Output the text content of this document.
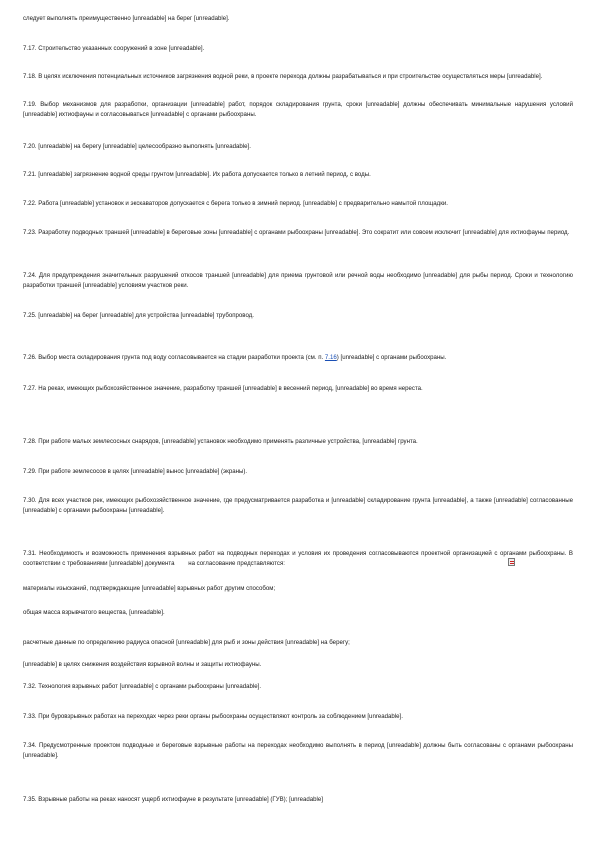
следует выполнять преимущественно [unreadable] на берег [unreadable].

7.17. Строительство указанных сооружений в зоне [unreadable].

7.18. В целях исключения потенциальных источников загрязнения водной реки, в проекте перехода должны разрабатываться и при строительстве осуществляться меры [unreadable].

7.19. Выбор механизмов для разработки, организации [unreadable] работ, порядок складирования грунта, сроки [unreadable] должны обеспечивать минимальные нарушения условий [unreadable] ихтиофауны и согласовываться [unreadable] с органами рыбоохраны.

7.20. [unreadable] на берегу [unreadable] целесообразно выполнять [unreadable].

7.21. [unreadable] загрязнение водной среды грунтом [unreadable]. Их работа допускается только в летний период, с воды.

7.22. Работа [unreadable] установок и экскаваторов допускается с берега только в зимний период. [unreadable] с предварительно намытой площадки.

7.23. Разработку подводных траншей [unreadable] в береговые зоны [unreadable] с органами рыбоохраны [unreadable]. Это сократит или совсем исключит [unreadable] для ихтиофауны период.

7.24. Для предупреждения значительных разрушений откосов траншей [unreadable] для приема грунтовой или речной воды необходимо [unreadable] для рыбы период. Сроки и технологию разработки траншей [unreadable] условиям участков реки.

7.25. [unreadable] на берег [unreadable] для устройства [unreadable] трубопровод.

7.26. Выбор места складирования грунта под воду согласовывается на стадии разработки проекта (см. п. 7.16) [unreadable] с органами рыбоохраны.

7.27. На реках, имеющих рыбохозяйственное значение, разработку траншей [unreadable] в весенний период, [unreadable] во время нереста.

7.28. При работе малых землесосных снарядов, [unreadable] установок необходимо применять различные устройства, [unreadable] грунта.

7.29. При работе землесосов в целях [unreadable] вынос [unreadable] (экраны).

7.30. Для всех участков рек, имеющих рыбохозяйственное значение, где предусматривается разработка и [unreadable] складирование грунта [unreadable], а также [unreadable] согласованные [unreadable] с органами рыбоохраны [unreadable].

7.31. Необходимость и возможность применения взрывных работ на подводных переходах и условия их проведения согласовываются проектной организацией с органами рыбоохраны. В соответствии с требованиями [unreadable] документа на согласование представляются:

материалы изысканий, подтверждающие [unreadable] взрывных работ другим способом;

общая масса взрывчатого вещества, [unreadable].

расчетные данные по определению радиуса опасной [unreadable] для рыб и зоны действия [unreadable] на берегу;

[unreadable] в целях снижения воздействия взрывной волны и защиты ихтиофауны.

7.32. Технология взрывных работ [unreadable] с органами рыбоохраны [unreadable].

7.33. При буровзрывных работах на переходах через реки органы рыбоохраны осуществляют контроль за соблюдением [unreadable].

7.34. Предусмотренные проектом подводные и береговые взрывные работы на переходах необходимо выполнять в период [unreadable] должны быть согласованы с органами рыбоохраны [unreadable].

7.35. Взрывные работы на реках наносят ущерб ихтиофауне в результате [unreadable] (ГУВ); [unreadable]
